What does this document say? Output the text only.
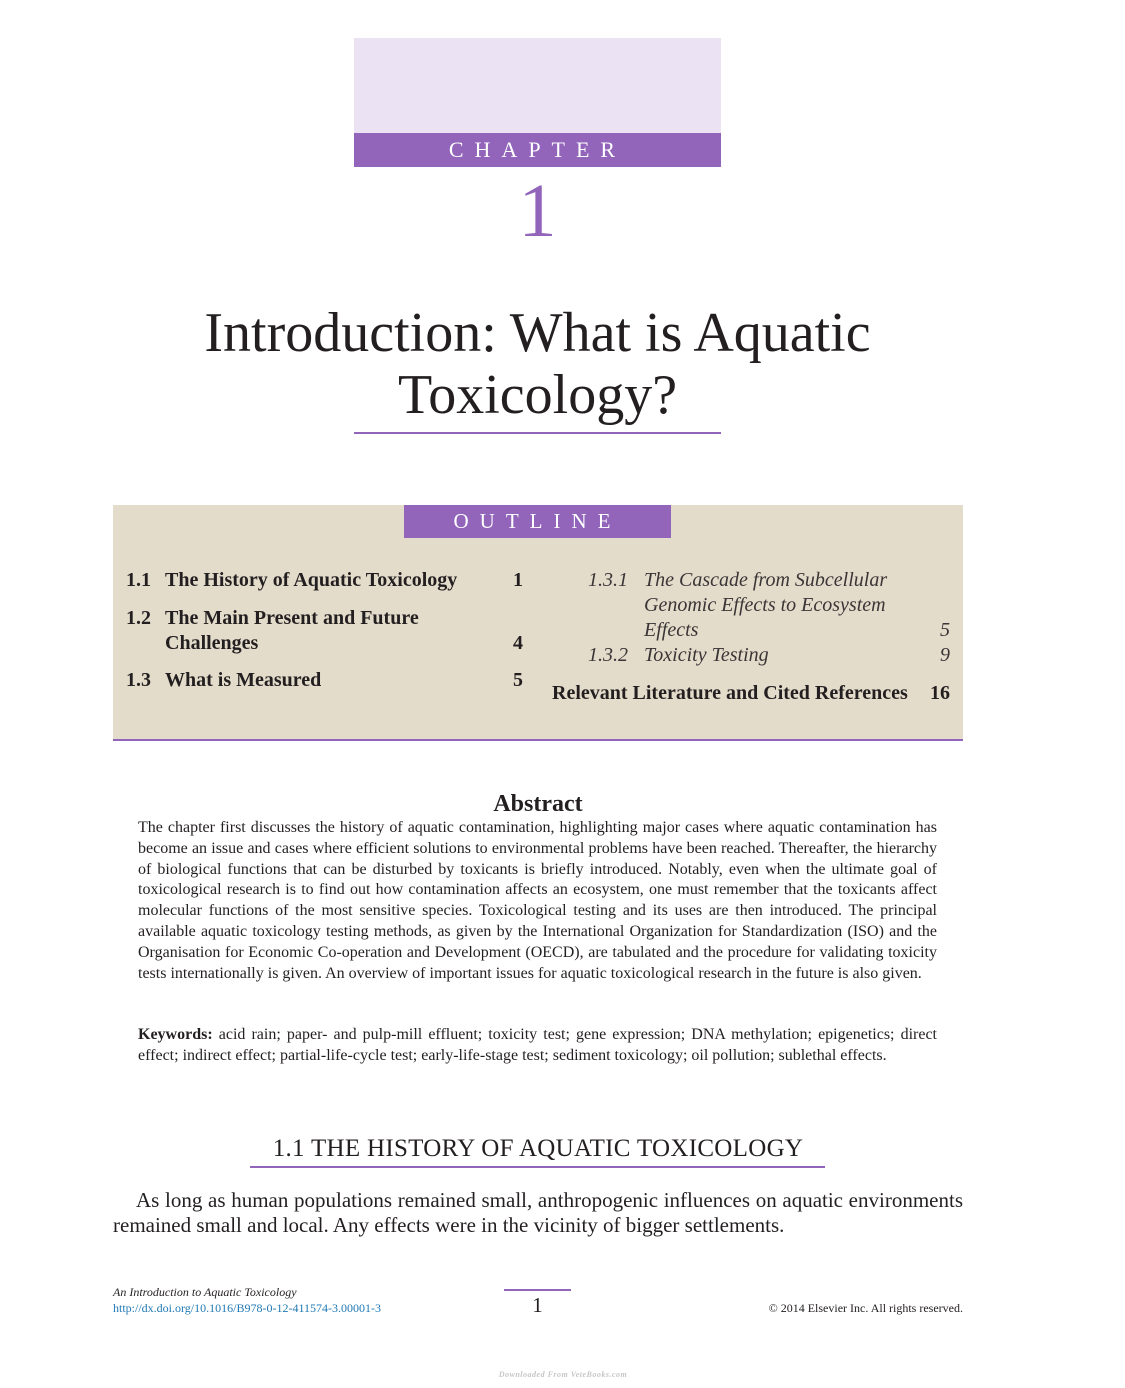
CHAPTER
1
Introduction: What is Aquatic
Toxicology?
OUTLINE
1.1 The History of Aquatic Toxicology	1
1.2 The Main Present and Future
Challenges	4
1.3 What is Measured	5
1.3.1 The Cascade from Subcellular
Genomic Effects to Ecosystem
Effects	5
1.3.2 Toxicity Testing	9
Relevant Literature and Cited References 16
Abstract
The chapter first discusses the history of aquatic contamination, highlighting major cases where aquatic contamination has become an issue and cases where efficient solutions to environmental problems have been reached. Thereafter, the hierarchy of biological functions that can be disturbed by toxicants is briefly introduced. Notably, even when the ultimate goal of toxicological research is to find out how contamination affects an ecosystem, one must remember that the toxicants affect molecular functions of the most sensitive species. Toxicological testing and its uses are then introduced. The principal available aquatic toxicology testing methods, as given by the International Organization for Standardization (ISO) and the Organisation for Economic Co-operation and Development (OECD), are tabulated and the procedure for validating toxicity tests internationally is given. An overview of important issues for aquatic toxicological research in the future is also given.
Keywords: acid rain; paper- and pulp-mill effluent; toxicity test; gene expression; DNA methylation; epigenetics; direct effect; indirect effect; partial-life-cycle test; early-life-stage test; sediment toxicology; oil pollution; sublethal effects.
1.1 THE HISTORY OF AQUATIC TOXICOLOGY
As long as human populations remained small, anthropogenic influences on aquatic environments remained small and local. Any effects were in the vicinity of bigger settlements.
An Introduction to Aquatic Toxicology
http://dx.doi.org/10.1016/B978-0-12-411574-3.00001-3	1	© 2014 Elsevier Inc. All rights reserved.
Downloaded From VeteBooks.com
